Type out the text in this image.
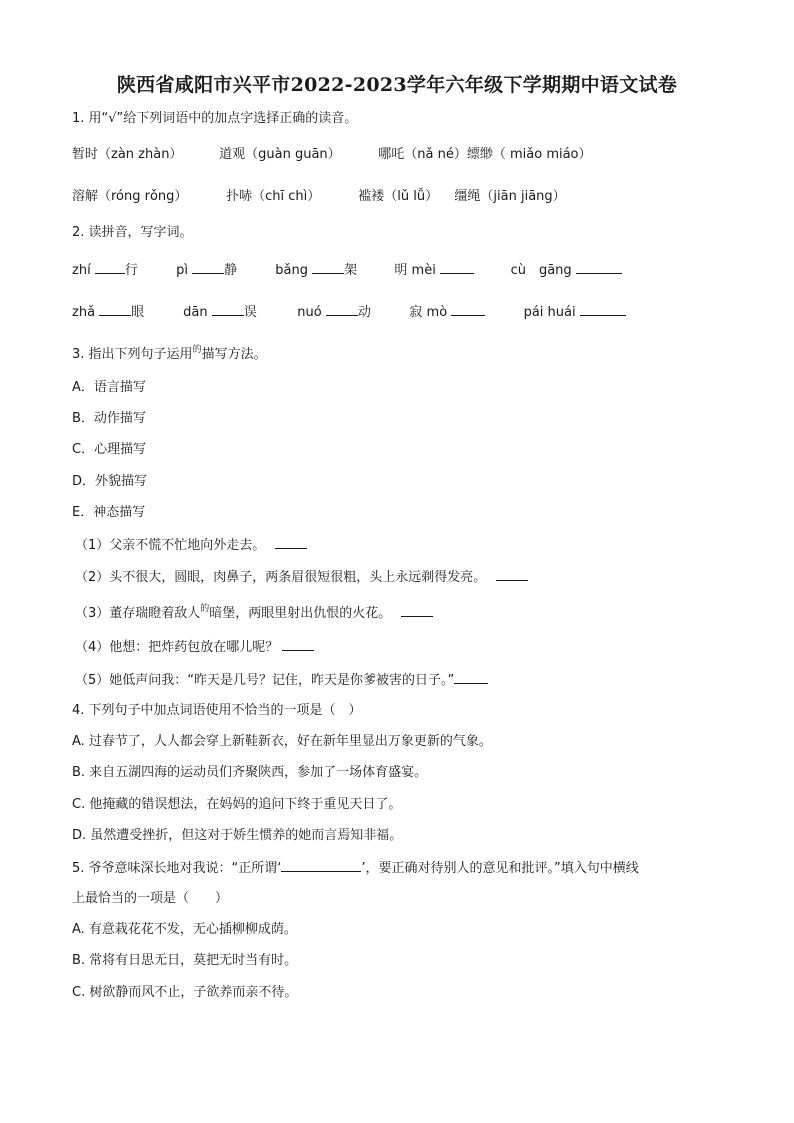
陕西省咸阳市兴平市2022-2023学年六年级下学期期中语文试卷
1. 用“√”给下列词语中的加点字选择正确的读音。
暂时（zàn zhàn）	道观（guàn guān）	哪吒（nǎ né）缥缈（ miǎo miáo）
溶解（róng rǒng）	扑哧（chī chì）	褴褛（lǔ lǚ） 缰绳（jiān jiāng）
2. 读拼音，写字词。
zhí	行	pì	静	bǎng	架	明 mèi	cù　gāng
zhǎ	眼	dān	误	nuó	动	寂 mò	pái huái
3. 指出下列句子运用$^的$描写方法。
A．语言描写
B．动作描写
C．心理描写
D．外貌描写
E．神态描写
（1）父亲不慌不忙地向外走去。
（2）头不很大，圆眼，肉鼻子，两条眉很短很粗，头上永远剃得发亮。
（3）董存瑞瞪着敌人$^的$暗堡，两眼里射出仇恨的火花。
（4）他想：把炸药包放在哪儿呢？
（5）她低声问我：“昨天是几号？记住，昨天是你爹被害的日子。”
4. 下列句子中加点词语使用不恰当的一项是（　）
A. 过春节了，人人都会穿上新鞋新衣，好在新年里显出万象更新的气象。
B. 来自五湖四海的运动员们齐聚陕西，参加了一场体育盛宴。
C. 他掩藏的错误想法，在妈妈的追问下终于重见天日了。
D. 虽然遭受挫折，但这对于娇生惯养的她而言焉知非福。
5. 爷爷意味深长地对我说：“正所谓‘	’，要正确对待别人的意见和批评。”填入句中横线
上最恰当的一项是（　　）
A. 有意栽花花不发，无心插柳柳成荫。
B. 常将有日思无日，莫把无时当有时。
C. 树欲静而风不止，子欲养而亲不待。
